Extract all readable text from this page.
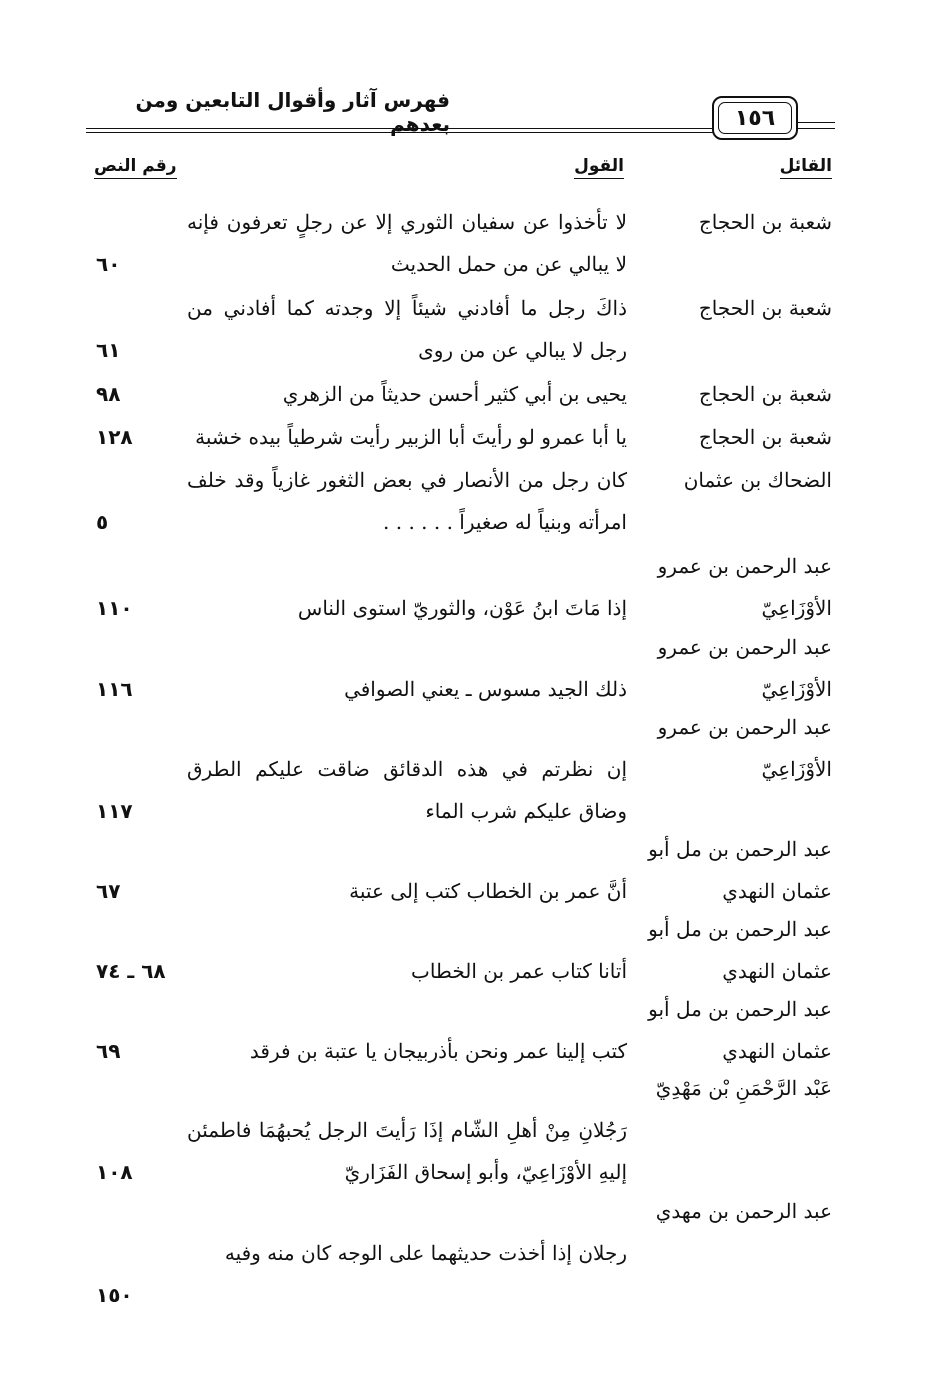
فهرس آثار وأقوال التابعين ومن بعدهم	١٥٦
القائل
القول
رقم النص
شعبة بن الحجاج
لا تأخذوا عن سفيان الثوري إلا عن رجلٍ تعرفون فإنه لا يبالي عن من حمل الحديث
٦٠
شعبة بن الحجاج
ذاكَ رجل ما أفادني شيئاً إلا وجدته كما أفادني من رجل لا يبالي عن من روى
٦١
شعبة بن الحجاج
يحيى بن أبي كثير أحسن حديثاً من الزهري
٩٨
شعبة بن الحجاج
يا أبا عمرو لو رأيتَ أبا الزبير رأيت شرطياً بيده خشبة
١٢٨
الضحاك بن عثمان
كان رجل من الأنصار في بعض الثغور غازياً وقد خلف امرأته وبنياً له صغيراً . . . . . .
٥
عبد الرحمن بن عمرو الأوْزَاعِيّ
إذا مَاتَ ابنُ عَوْن، والثوريّ استوى الناس
١١٠
عبد الرحمن بن عمرو الأوْزَاعِيّ
ذلك الجيد مسوس ـ يعني الصوافي
١١٦
عبد الرحمن بن عمرو الأوْزَاعِيّ
إن نظرتم في هذه الدقائق ضاقت عليكم الطرق وضاق عليكم شرب الماء
١١٧
عبد الرحمن بن مل أبو عثمان النهدي
أنَّ عمر بن الخطاب كتب إلى عتبة
٦٧
عبد الرحمن بن مل أبو عثمان النهدي
أتانا كتاب عمر بن الخطاب
٦٨ ـ ٧٤
عبد الرحمن بن مل أبو عثمان النهدي
كتب إلينا عمر ونحن بأذربيجان يا عتبة بن فرقد
٦٩
عَبْد الرَّحْمَنِ بْن مَهْدِيّ
رَجُلانِ مِنْ أهلِ الشّام إذَا رَأيتَ الرجل يُحبهُمَا فاطمئن إليهِ الأوْزَاعِيّ، وأبو إسحاق الفَزَاريّ
١٠٨
عبد الرحمن بن مهدي
رجلان إذا أخذت حديثهما على الوجه كان منه وفيه
١٥٠
